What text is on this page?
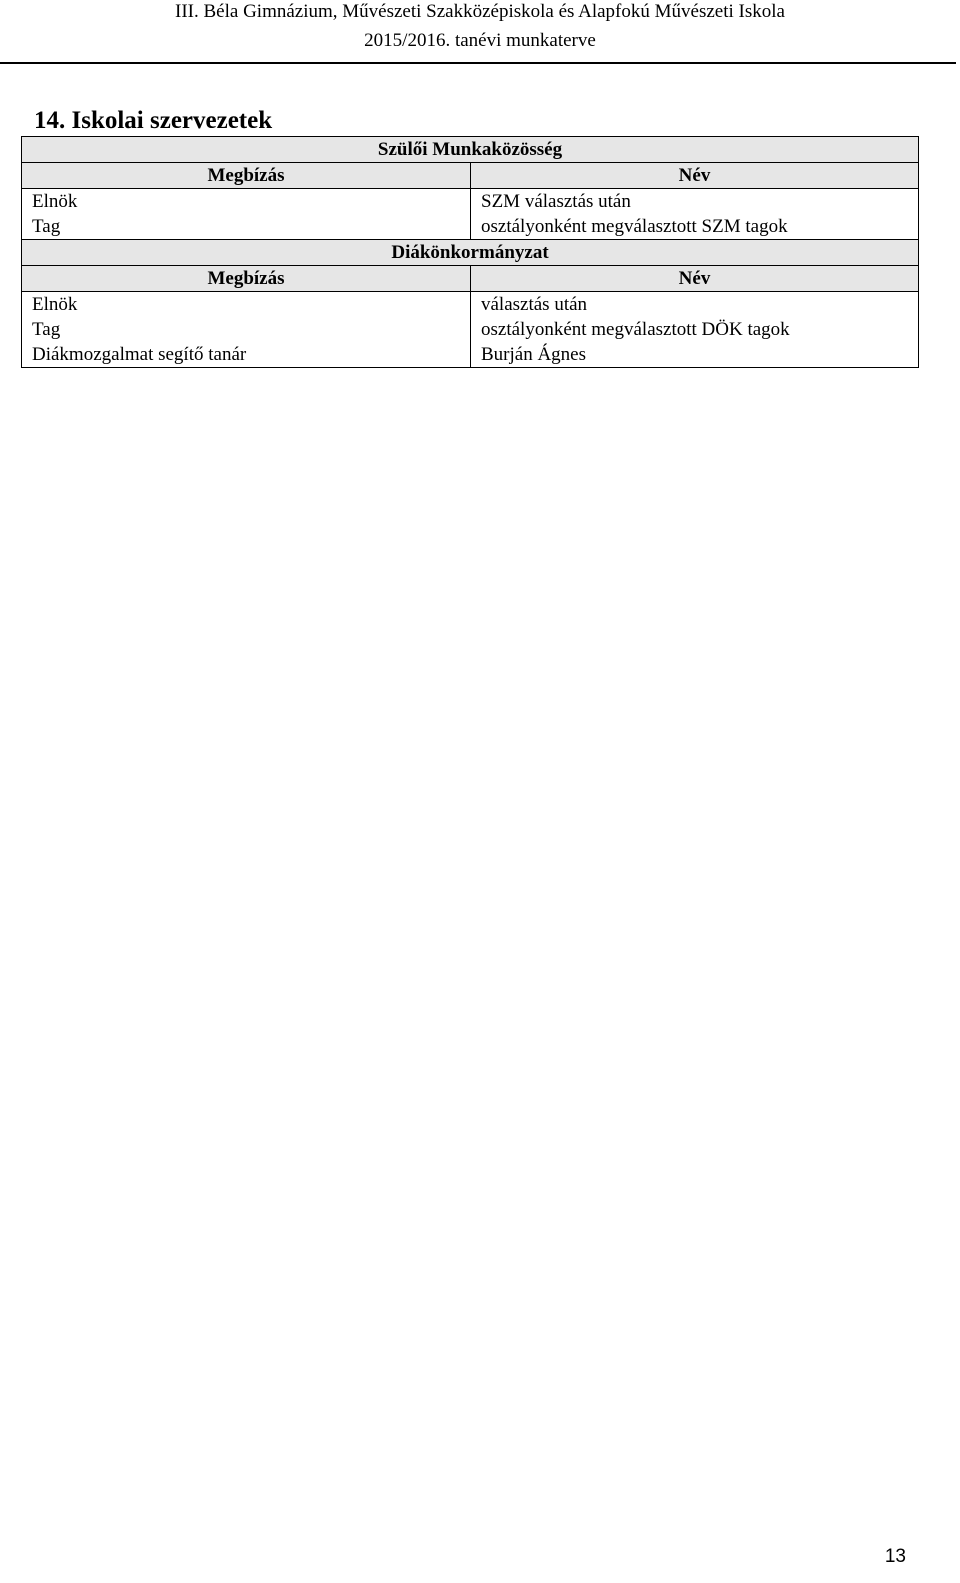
III. Béla Gimnázium, Művészeti Szakközépiskola és Alapfokú Művészeti Iskola
2015/2016. tanévi munkaterve
14. Iskolai szervezetek
Szülői Munkaközösség	
Megbízás	Név
Elnök	SZM választás után
Tag	osztályonként megválasztott SZM tagok
Diákönkormányzat	
Megbízás	Név
Elnök	választás után
Tag	osztályonként megválasztott DÖK tagok
Diákmozgalmat segítő tanár	Burján Ágnes
13
